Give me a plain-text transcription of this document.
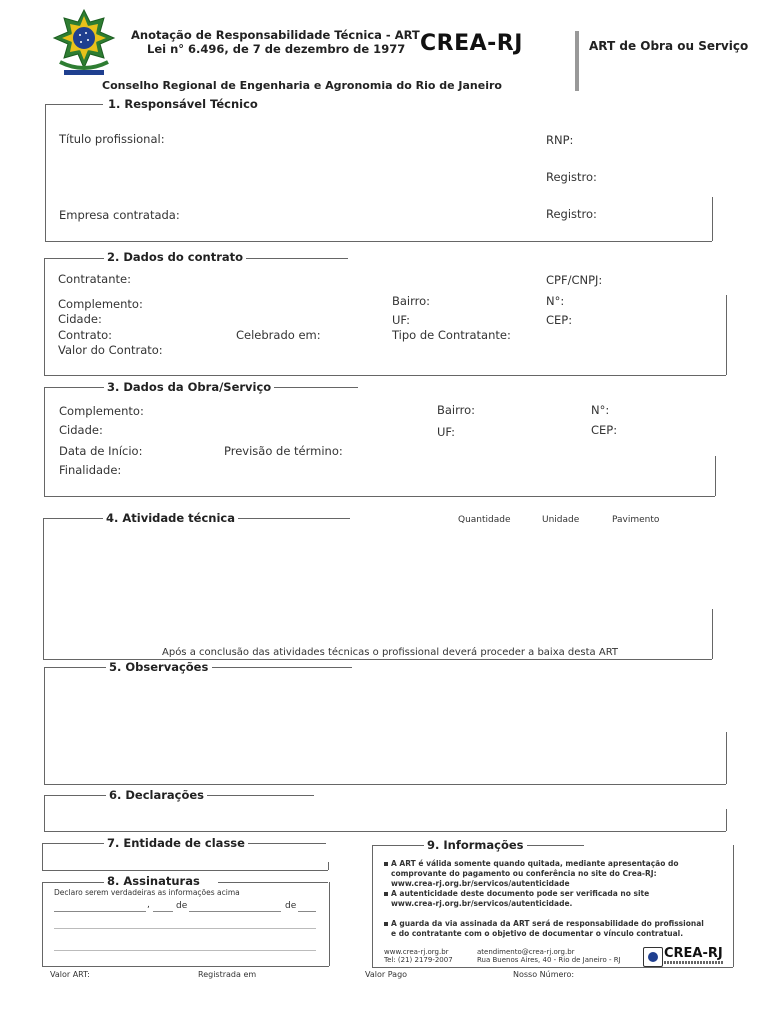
Anotação de Responsabilidade Técnica - ART
Lei n° 6.496, de 7 de dezembro de 1977 CREA-RJ	ART de Obra ou Serviço
Conselho Regional de Engenharia e Agronomia do Rio de Janeiro
1. Responsável Técnico
Título profissional:	RNP:
Registro:
Empresa contratada:	Registro:
2. Dados do contrato
Contratante:	CPF/CNPJ:
Complemento:	Bairro:	N°:
Cidade:	UF:	CEP:
Contrato:	Celebrado em:	Tipo de Contratante:
Valor do Contrato:
3. Dados da Obra/Serviço
Complemento:	Bairro:	N°:
Cidade:	UF:	CEP:
Data de Início:	Previsão de término:
Finalidade:
4. Atividade técnica	Quantidade	Unidade	Pavimento
Após a conclusão das atividades técnicas o profissional deverá proceder a baixa desta ART
5. Observações
6. Declarações
7. Entidade de classe
8. Assinaturas
Declaro serem verdadeiras as informações acima
,	de	de
9. Informações
A ART é válida somente quando quitada, mediante apresentação do
comprovante do pagamento ou conferência no site do Crea-RJ:
www.crea-rj.org.br/servicos/autenticidade
A autenticidade deste documento pode ser verificada no site
www.crea-rj.org.br/servicos/autenticidade.
A guarda da via assinada da ART será de responsabilidade do profissional
e do contratante com o objetivo de documentar o vínculo contratual.
www.crea-rj.org.br
Tel: (21) 2179-2007
atendimento@crea-rj.org.br
Rua Buenos Aires, 40 - Rio de Janeiro - RJ	CREA-RJ
Valor ART:	Registrada em	Valor Pago	Nosso Número:
